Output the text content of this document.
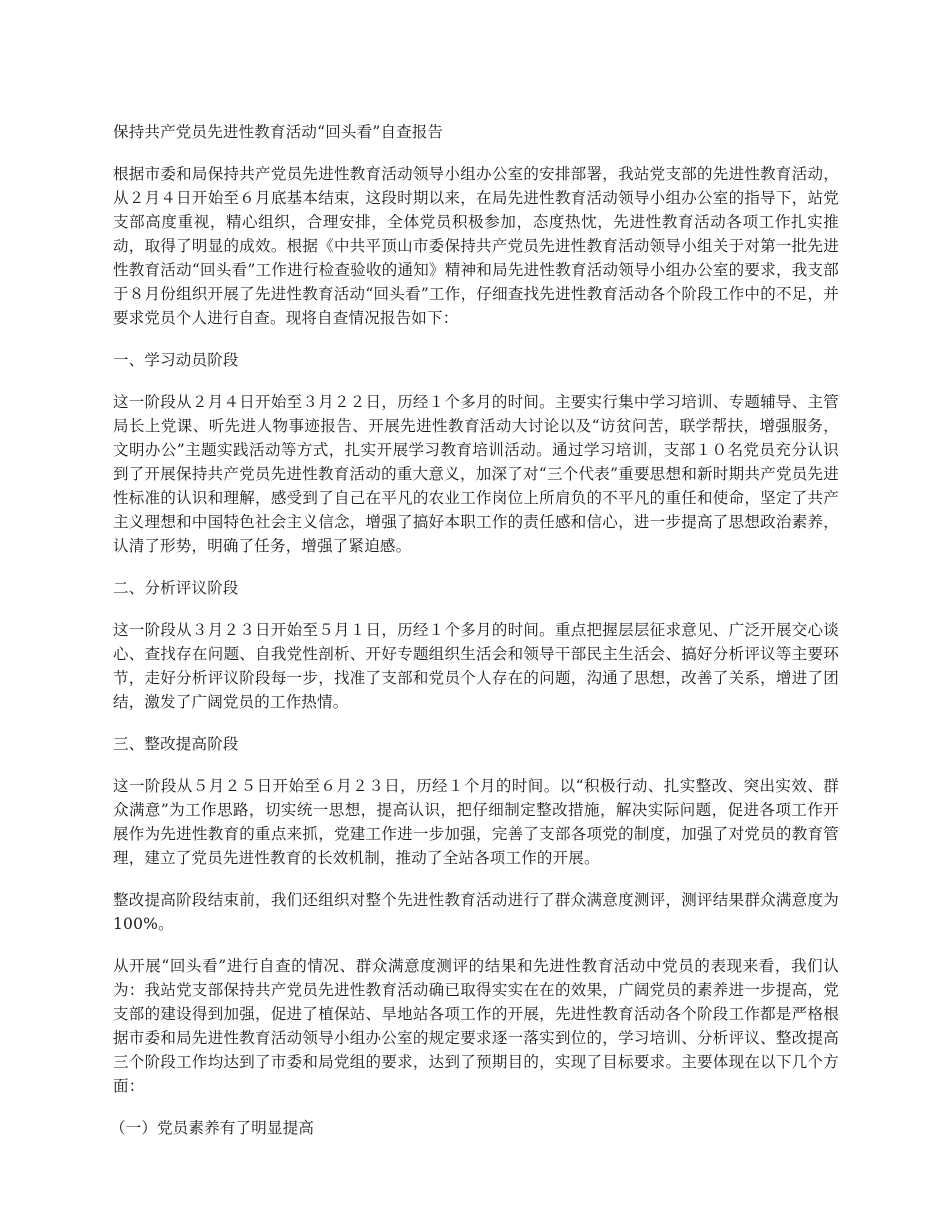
保持共产党员先进性教育活动“回头看”自查报告

根据市委和局保持共产党员先进性教育活动领导小组办公室的安排部署，我站党支部的先进性教育活动，从２月４日开始至６月底基本结束，这段时期以来，在局先进性教育活动领导小组办公室的指导下，站党支部高度重视，精心组织，合理安排，全体党员积极参加，态度热忱，先进性教育活动各项工作扎实推动，取得了明显的成效。根据《中共平顶山市委保持共产党员先进性教育活动领导小组关于对第一批先进性教育活动“回头看”工作进行检查验收的通知》精神和局先进性教育活动领导小组办公室的要求，我支部于８月份组织开展了先进性教育活动“回头看”工作，仔细查找先进性教育活动各个阶段工作中的不足，并要求党员个人进行自查。现将自查情况报告如下：

一、学习动员阶段

这一阶段从２月４日开始至３月２２日，历经１个多月的时间。主要实行集中学习培训、专题辅导、主管局长上党课、听先进人物事迹报告、开展先进性教育活动大讨论以及“访贫问苦，联学帮扶，增强服务，文明办公”主题实践活动等方式，扎实开展学习教育培训活动。通过学习培训，支部１０名党员充分认识到了开展保持共产党员先进性教育活动的重大意义，加深了对“三个代表”重要思想和新时期共产党员先进性标准的认识和理解，感受到了自己在平凡的农业工作岗位上所肩负的不平凡的重任和使命，坚定了共产主义理想和中国特色社会主义信念，增强了搞好本职工作的责任感和信心，进一步提高了思想政治素养，认清了形势，明确了任务，增强了紧迫感。

二、分析评议阶段

这一阶段从３月２３日开始至５月１日，历经１个多月的时间。重点把握层层征求意见、广泛开展交心谈心、查找存在问题、自我党性剖析、开好专题组织生活会和领导干部民主生活会、搞好分析评议等主要环节，走好分析评议阶段每一步，找准了支部和党员个人存在的问题，沟通了思想，改善了关系，增进了团结，激发了广阔党员的工作热情。

三、整改提高阶段

这一阶段从５月２５日开始至６月２３日，历经１个月的时间。以“积极行动、扎实整改、突出实效、群众满意”为工作思路，切实统一思想，提高认识，把仔细制定整改措施，解决实际问题，促进各项工作开展作为先进性教育的重点来抓，党建工作进一步加强，完善了支部各项党的制度，加强了对党员的教育管理，建立了党员先进性教育的长效机制，推动了全站各项工作的开展。

整改提高阶段结束前，我们还组织对整个先进性教育活动进行了群众满意度测评，测评结果群众满意度为100%。

从开展“回头看”进行自查的情况、群众满意度测评的结果和先进性教育活动中党员的表现来看，我们认为：我站党支部保持共产党员先进性教育活动确已取得实实在在的效果，广阔党员的素养进一步提高，党支部的建设得到加强，促进了植保站、旱地站各项工作的开展，先进性教育活动各个阶段工作都是严格根据市委和局先进性教育活动领导小组办公室的规定要求逐一落实到位的，学习培训、分析评议、整改提高三个阶段工作均达到了市委和局党组的要求，达到了预期目的，实现了目标要求。主要体现在以下几个方面：

（一）党员素养有了明显提高
